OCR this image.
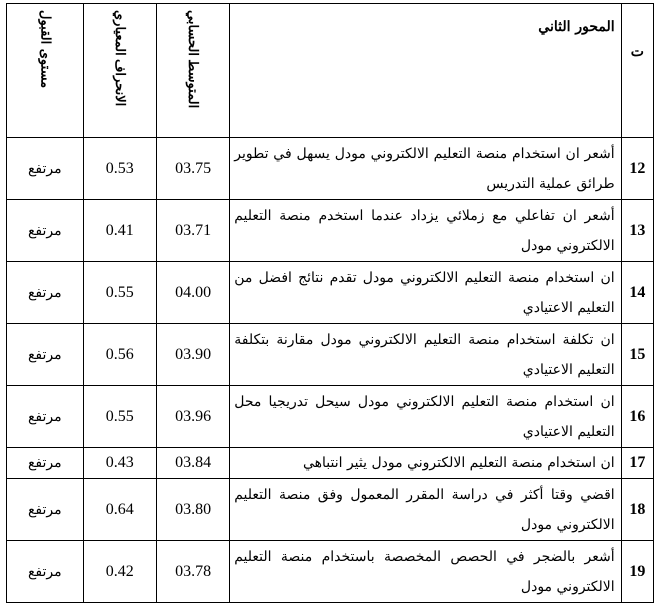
ت	المحور الثاني	المتوسط الحسابي	الانحراف المعياري	مستوى القبول

12	أشعر ان استخدام منصة التعليم الالكتروني مودل يسهل في تطوير طرائق عملية التدريس	03.75	0.53	مرتفع
13	أشعر ان تفاعلي مع زملائي يزداد عندما استخدم منصة التعليم الالكتروني مودل	03.71	0.41	مرتفع
14	ان استخدام منصة التعليم الالكتروني مودل تقدم نتائج افضل من التعليم الاعتيادي	04.00	0.55	مرتفع
15	ان تكلفة استخدام منصة التعليم الالكتروني مودل مقارنة بتكلفة التعليم الاعتيادي	03.90	0.56	مرتفع
16	ان استخدام منصة التعليم الالكتروني مودل سيحل تدريجيا محل التعليم الاعتيادي	03.96	0.55	مرتفع
17	ان استخدام منصة التعليم الالكتروني مودل يثير انتباهي	03.84	0.43	مرتفع
18	اقضي وقتا أكثر في دراسة المقرر المعمول وفق منصة التعليم الالكتروني مودل	03.80	0.64	مرتفع
19	أشعر بالضجر في الحصص المخصصة باستخدام منصة التعليم الالكتروني مودل	03.78	0.42	مرتفع
